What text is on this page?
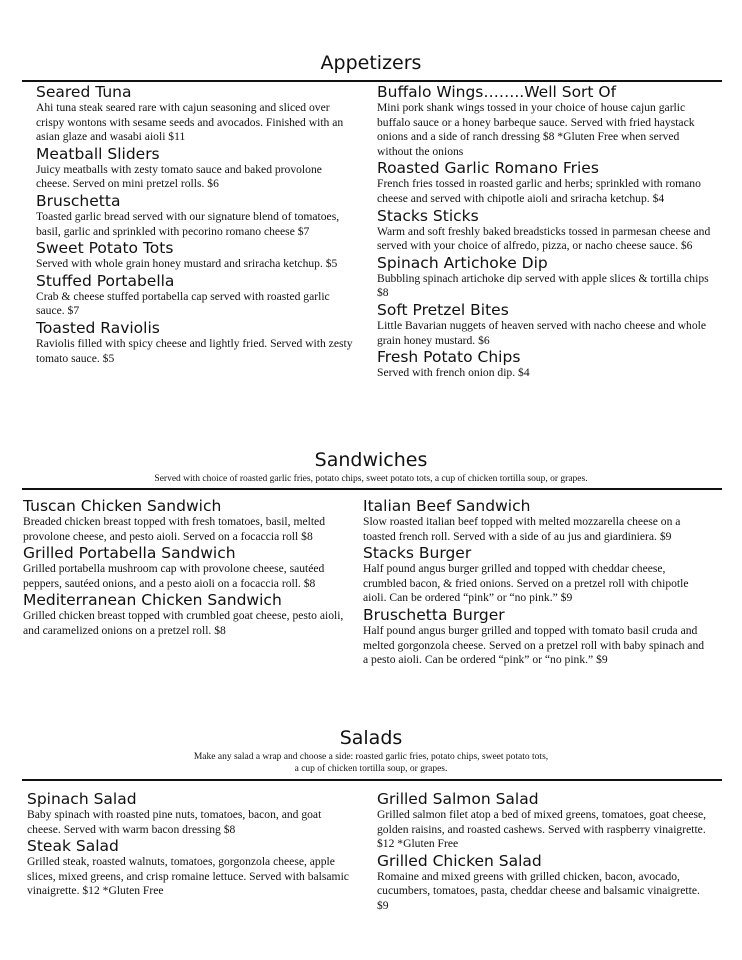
Appetizers
Seared Tuna

Ahi tuna steak seared rare with cajun seasoning and sliced over crispy wontons with sesame seeds and avocados. Finished with an asian glaze and wasabi aioli $11

Meatball Sliders

Juicy meatballs with zesty tomato sauce and baked provolone cheese. Served on mini pretzel rolls. $6

Bruschetta

Toasted garlic bread served with our signature blend of tomatoes, basil, garlic and sprinkled with pecorino romano cheese $7

Sweet Potato Tots

Served with whole grain honey mustard and sriracha ketchup. $5

Stuffed Portabella

Crab & cheese stuffed portabella cap served with roasted garlic sauce. $7

Toasted Raviolis

Raviolis filled with spicy cheese and lightly fried. Served with zesty tomato sauce. $5

Buffalo Wings……..Well Sort Of

Mini pork shank wings tossed in your choice of house cajun garlic buffalo sauce or a honey barbeque sauce. Served with fried haystack onions and a side of ranch dressing $8 *Gluten Free when served without the onions

Roasted Garlic Romano Fries

French fries tossed in roasted garlic and herbs; sprinkled with romano cheese and served with chipotle aioli and sriracha ketchup. $4

Stacks Sticks

Warm and soft freshly baked breadsticks tossed in parmesan cheese and served with your choice of alfredo, pizza, or nacho cheese sauce. $6

Spinach Artichoke Dip

Bubbling spinach artichoke dip served with apple slices & tortilla chips $8

Soft Pretzel Bites

Little Bavarian nuggets of heaven served with nacho cheese and whole grain honey mustard. $6

Fresh Potato Chips

Served with french onion dip. $4

Sandwiches

Served with choice of roasted garlic fries, potato chips, sweet potato tots, a cup of chicken tortilla soup, or grapes.

Tuscan Chicken Sandwich

Breaded chicken breast topped with fresh tomatoes, basil, melted provolone cheese, and pesto aioli. Served on a focaccia roll $8

Grilled Portabella Sandwich

Grilled portabella mushroom cap with provolone cheese, sautéed peppers, sautéed onions, and a pesto aioli on a focaccia roll. $8

Mediterranean Chicken Sandwich

Grilled chicken breast topped with crumbled goat cheese, pesto aioli, and caramelized onions on a pretzel roll. $8

Italian Beef Sandwich

Slow roasted italian beef topped with melted mozzarella cheese on a toasted french roll. Served with a side of au jus and giardiniera. $9

Stacks Burger

Half pound angus burger grilled and topped with cheddar cheese, crumbled bacon, & fried onions. Served on a pretzel roll with chipotle aioli. Can be ordered “pink” or “no pink.” $9

Bruschetta Burger

Half pound angus burger grilled and topped with tomato basil cruda and melted gorgonzola cheese. Served on a pretzel roll with baby spinach and a pesto aioli. Can be ordered “pink” or “no pink.” $9

Salads

Make any salad a wrap and choose a side: roasted garlic fries, potato chips, sweet potato tots,

a cup of chicken tortilla soup, or grapes.

Spinach Salad

Baby spinach with roasted pine nuts, tomatoes, bacon, and goat cheese. Served with warm bacon dressing $8

Steak Salad

Grilled steak, roasted walnuts, tomatoes, gorgonzola cheese, apple slices, mixed greens, and crisp romaine lettuce. Served with balsamic vinaigrette. $12 *Gluten Free

Grilled Salmon Salad

Grilled salmon filet atop a bed of mixed greens, tomatoes, goat cheese, golden raisins, and roasted cashews. Served with raspberry vinaigrette. $12 *Gluten Free

Grilled Chicken Salad

Romaine and mixed greens with grilled chicken, bacon, avocado, cucumbers, tomatoes, pasta, cheddar cheese and balsamic vinaigrette. $9
